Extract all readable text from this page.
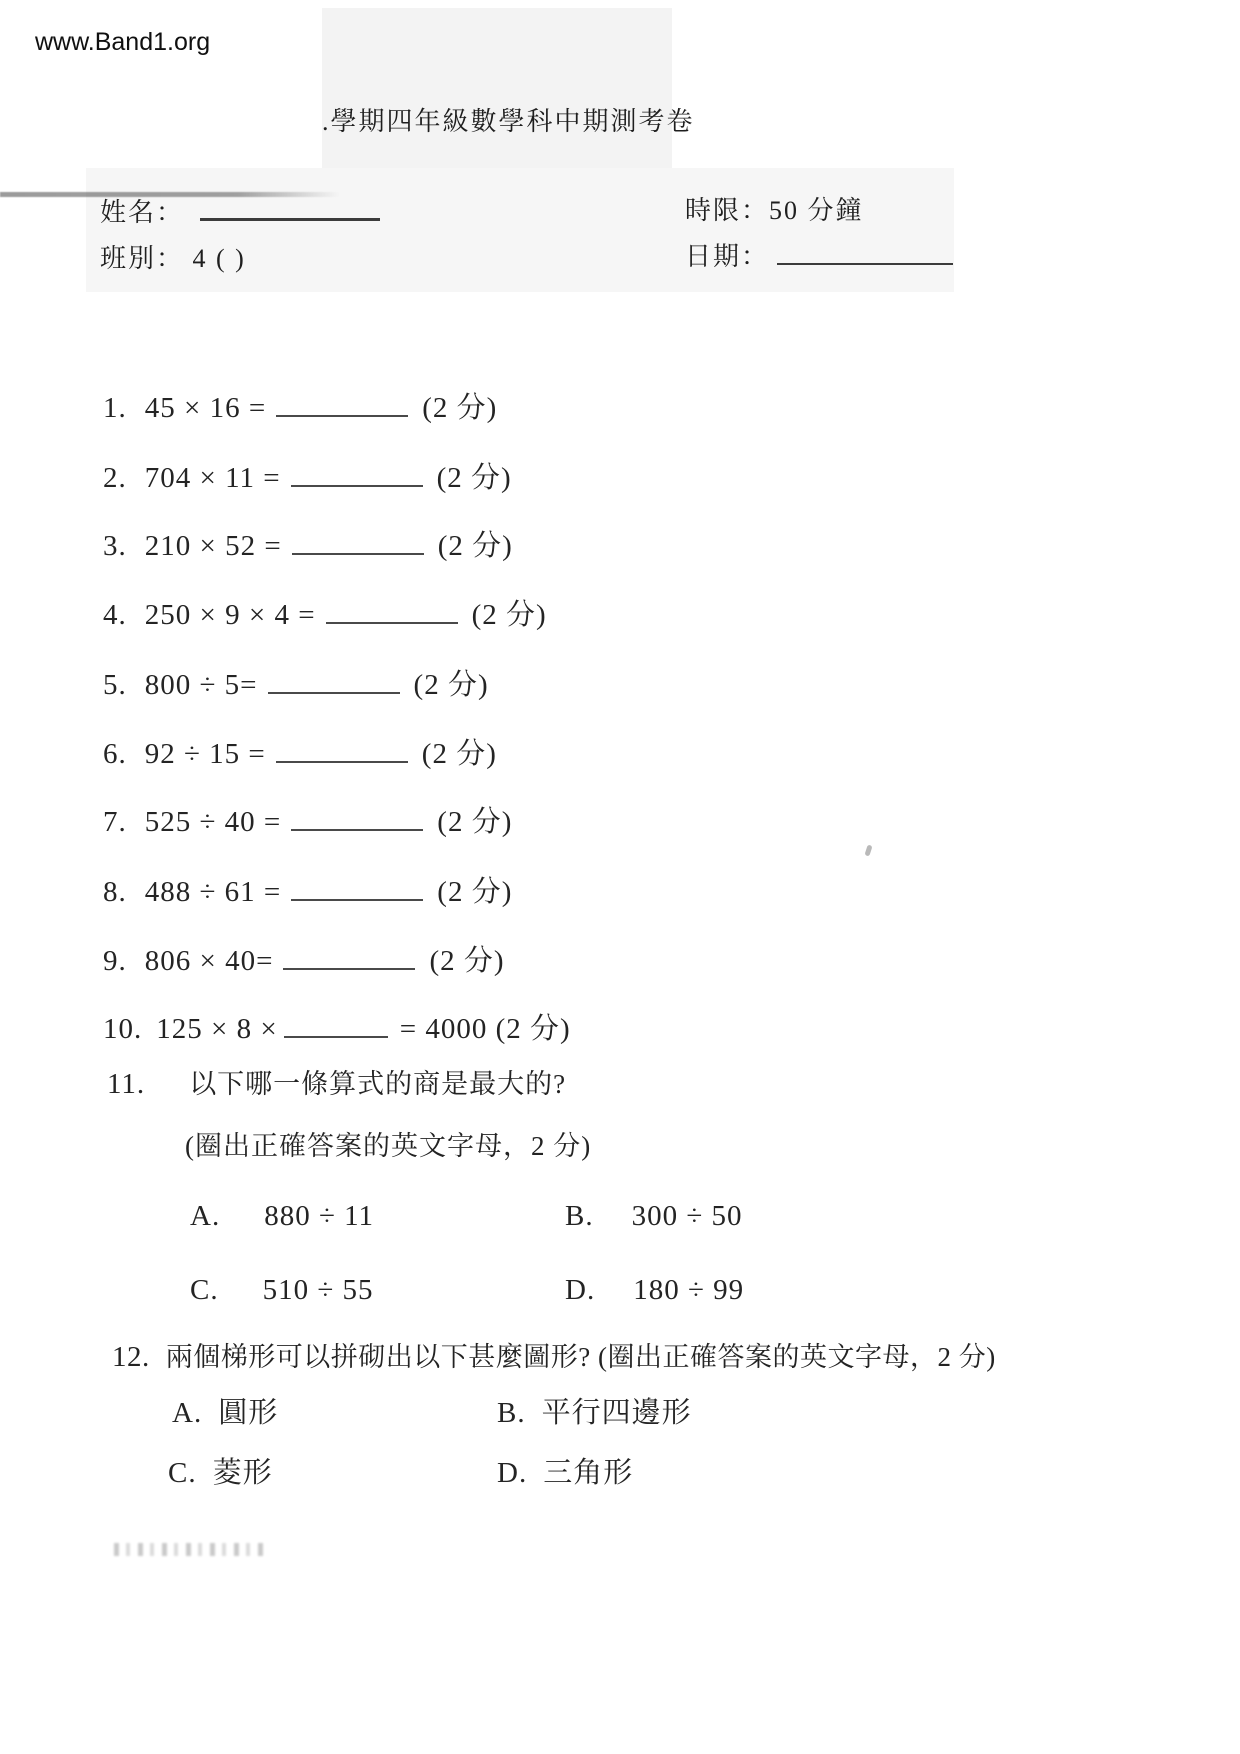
www.Band1.org
.學期四年級數學科中期測考卷
姓名：
班別： 4 ( )
時限：50 分鐘
日期：
1. 45 × 16 =	(2 分)
2. 704 × 11 =	(2 分)
3. 210 × 52 =	(2 分)
4. 250 × 9 × 4 =	(2 分)
5. 800 ÷ 5=	(2 分)
6. 92 ÷ 15 =	(2 分)
7. 525 ÷ 40 =	(2 分)
8. 488 ÷ 61 =	(2 分)
9. 806 × 40=	(2 分)
10. 125 × 8 ×	= 4000 (2 分)
11. 以下哪一條算式的商是最大的?
(圈出正確答案的英文字母，2 分)
A. 880 ÷ 11	B. 300 ÷ 50
C. 510 ÷ 55	D. 180 ÷ 99
12. 兩個梯形可以拼砌出以下甚麼圖形? (圈出正確答案的英文字母，2 分)
A. 圓形	B. 平行四邊形
C. 菱形	D. 三角形
